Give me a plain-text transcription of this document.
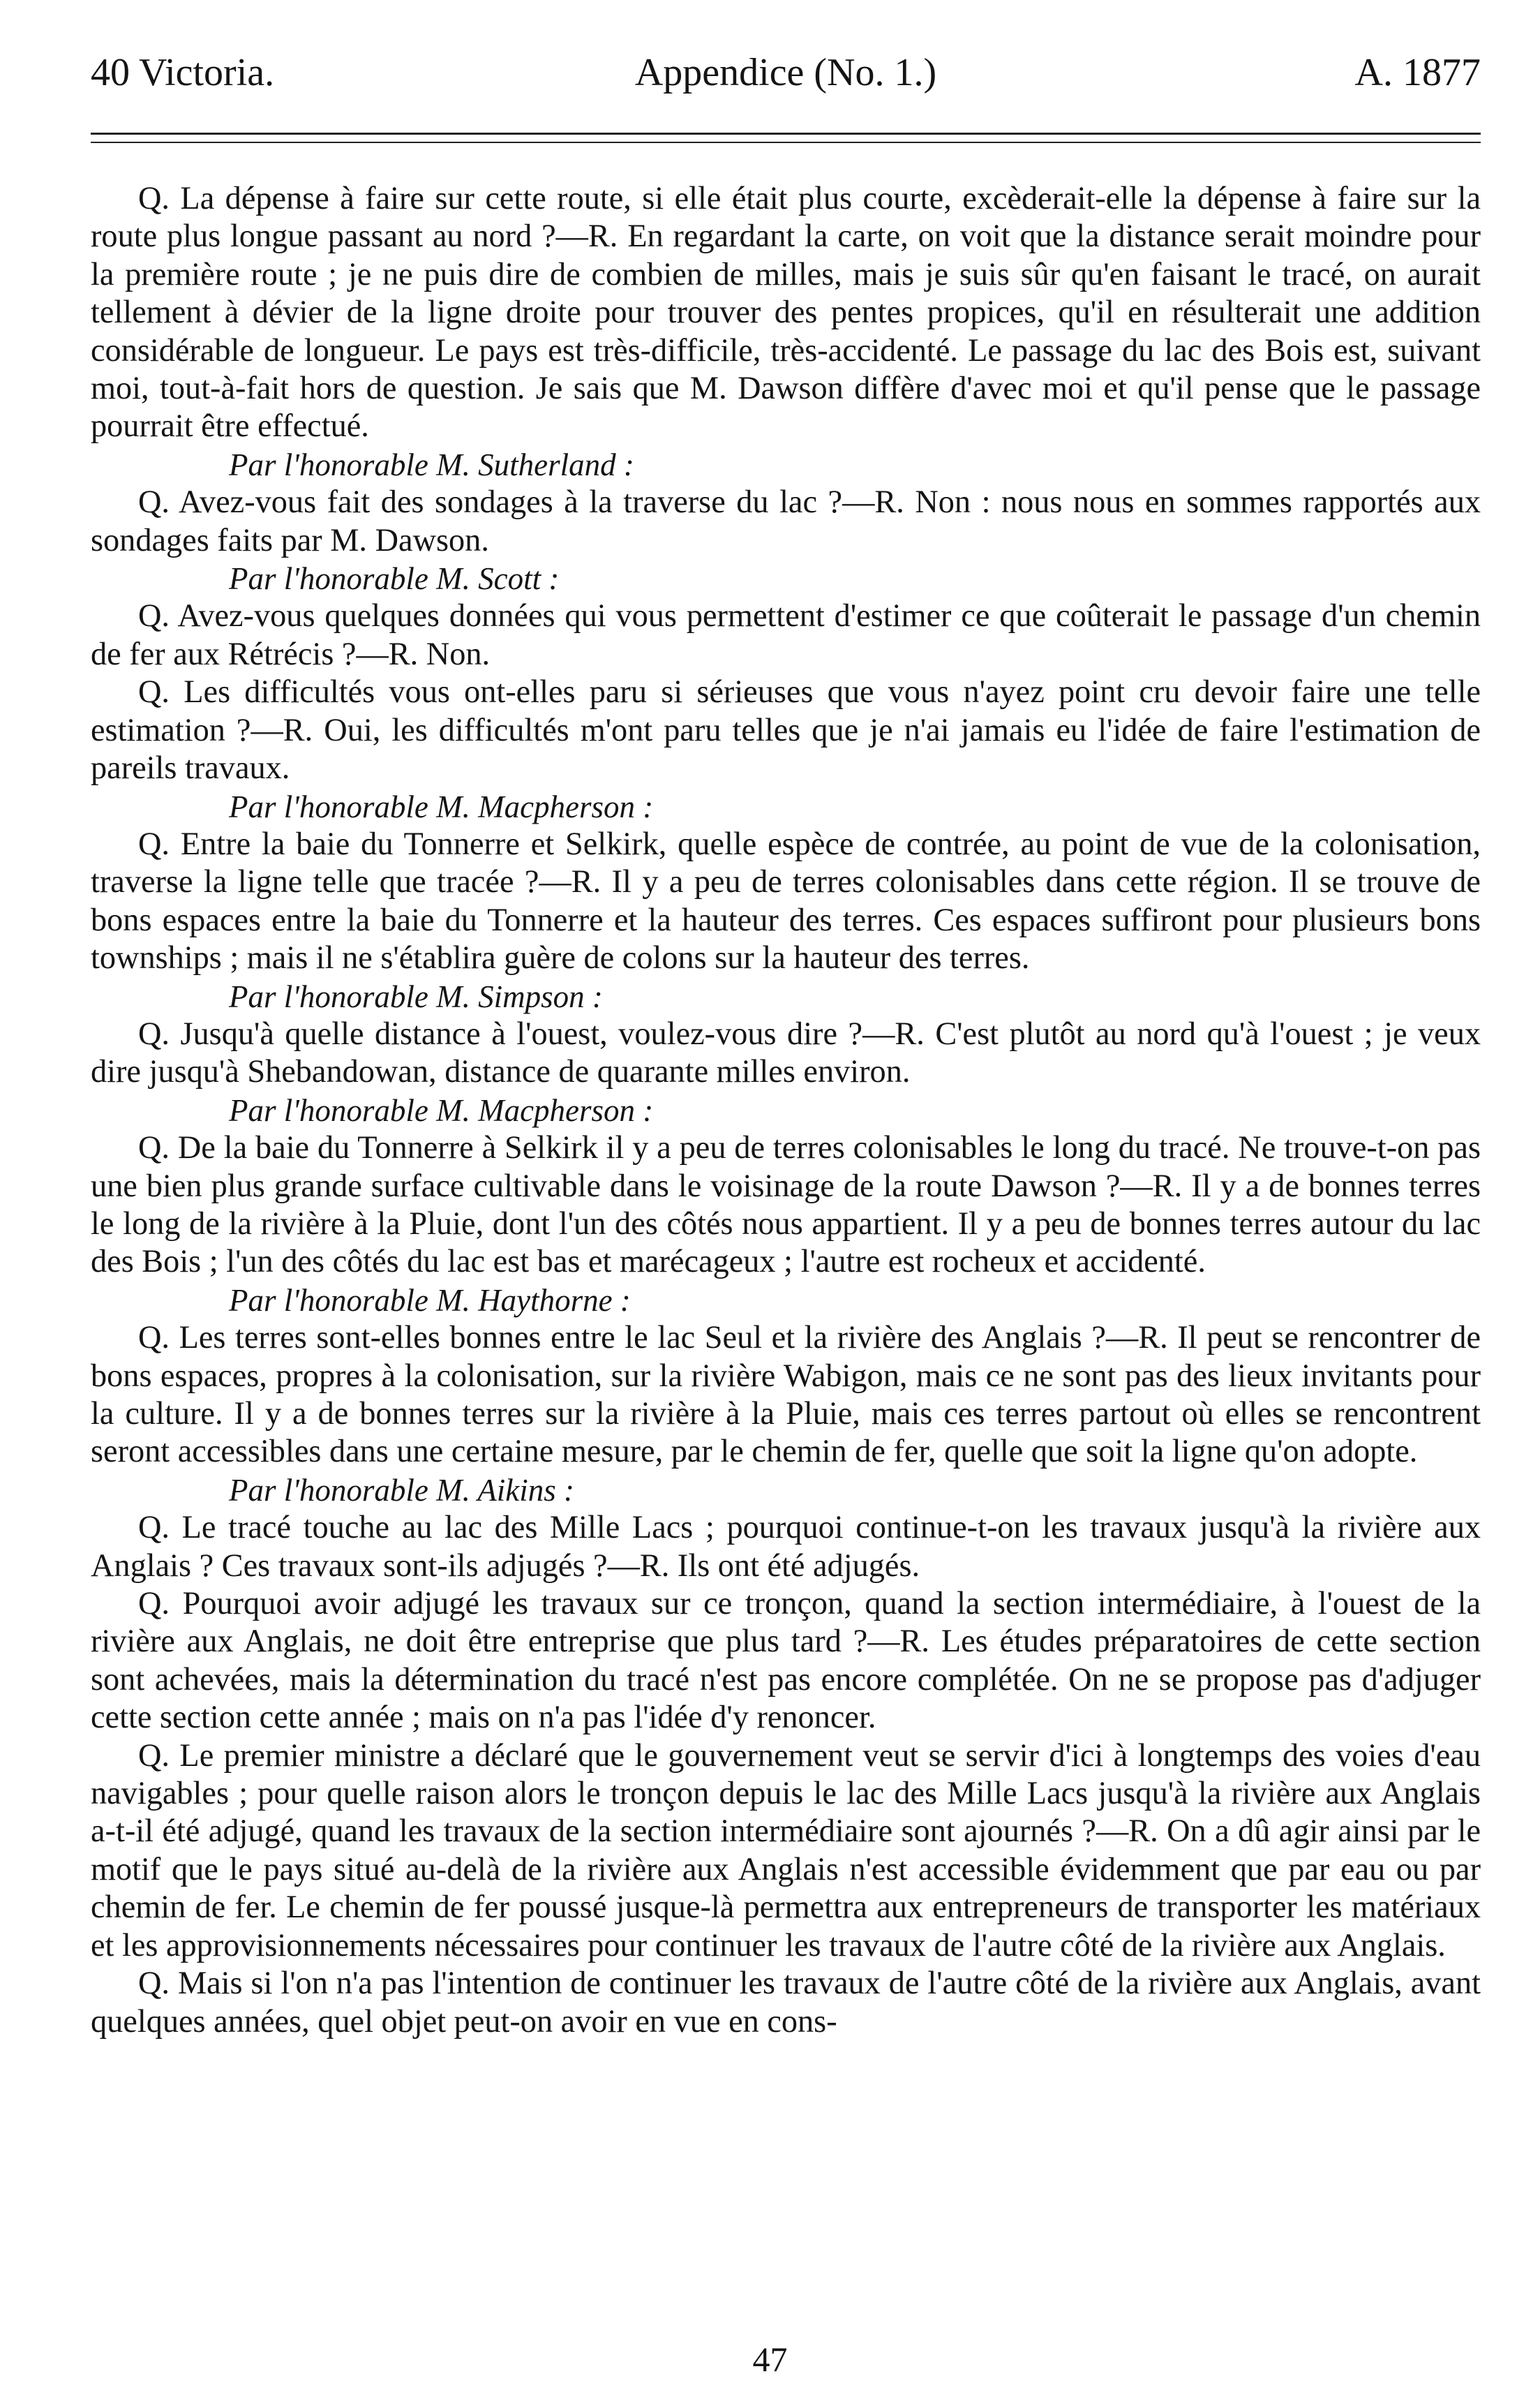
40 Victoria.	Appendice (No. 1.)	A. 1877

Q. La dépense à faire sur cette route, si elle était plus courte, excèderait-elle la dépense à faire sur la route plus longue passant au nord ?—R. En regardant la carte, on voit que la distance serait moindre pour la première route ; je ne puis dire de combien de milles, mais je suis sûr qu'en faisant le tracé, on aurait tellement à dévier de la ligne droite pour trouver des pentes propices, qu'il en résulterait une addition considérable de longueur. Le pays est très-difficile, très-accidenté. Le passage du lac des Bois est, suivant moi, tout-à-fait hors de question. Je sais que M. Dawson diffère d'avec moi et qu'il pense que le passage pourrait être effectué.

Par l'honorable M. Sutherland :

Q. Avez-vous fait des sondages à la traverse du lac ?—R. Non : nous nous en sommes rapportés aux sondages faits par M. Dawson.

Par l'honorable M. Scott :

Q. Avez-vous quelques données qui vous permettent d'estimer ce que coûterait le passage d'un chemin de fer aux Rétrécis ?—R. Non.

Q. Les difficultés vous ont-elles paru si sérieuses que vous n'ayez point cru devoir faire une telle estimation ?—R. Oui, les difficultés m'ont paru telles que je n'ai jamais eu l'idée de faire l'estimation de pareils travaux.

Par l'honorable M. Macpherson :

Q. Entre la baie du Tonnerre et Selkirk, quelle espèce de contrée, au point de vue de la colonisation, traverse la ligne telle que tracée ?—R. Il y a peu de terres colonisables dans cette région. Il se trouve de bons espaces entre la baie du Tonnerre et la hauteur des terres. Ces espaces suffiront pour plusieurs bons townships ; mais il ne s'établira guère de colons sur la hauteur des terres.

Par l'honorable M. Simpson :

Q. Jusqu'à quelle distance à l'ouest, voulez-vous dire ?—R. C'est plutôt au nord qu'à l'ouest ; je veux dire jusqu'à Shebandowan, distance de quarante milles environ.

Par l'honorable M. Macpherson :

Q. De la baie du Tonnerre à Selkirk il y a peu de terres colonisables le long du tracé. Ne trouve-t-on pas une bien plus grande surface cultivable dans le voisinage de la route Dawson ?—R. Il y a de bonnes terres le long de la rivière à la Pluie, dont l'un des côtés nous appartient. Il y a peu de bonnes terres autour du lac des Bois ; l'un des côtés du lac est bas et marécageux ; l'autre est rocheux et accidenté.

Par l'honorable M. Haythorne :

Q. Les terres sont-elles bonnes entre le lac Seul et la rivière des Anglais ?—R. Il peut se rencontrer de bons espaces, propres à la colonisation, sur la rivière Wabigon, mais ce ne sont pas des lieux invitants pour la culture. Il y a de bonnes terres sur la rivière à la Pluie, mais ces terres partout où elles se rencontrent seront accessibles dans une certaine mesure, par le chemin de fer, quelle que soit la ligne qu'on adopte.

Par l'honorable M. Aikins :

Q. Le tracé touche au lac des Mille Lacs ; pourquoi continue-t-on les travaux jusqu'à la rivière aux Anglais ? Ces travaux sont-ils adjugés ?—R. Ils ont été adjugés.

Q. Pourquoi avoir adjugé les travaux sur ce tronçon, quand la section intermédiaire, à l'ouest de la rivière aux Anglais, ne doit être entreprise que plus tard ?—R. Les études préparatoires de cette section sont achevées, mais la détermination du tracé n'est pas encore complétée. On ne se propose pas d'adjuger cette section cette année ; mais on n'a pas l'idée d'y renoncer.

Q. Le premier ministre a déclaré que le gouvernement veut se servir d'ici à longtemps des voies d'eau navigables ; pour quelle raison alors le tronçon depuis le lac des Mille Lacs jusqu'à la rivière aux Anglais a-t-il été adjugé, quand les travaux de la section intermédiaire sont ajournés ?—R. On a dû agir ainsi par le motif que le pays situé au-delà de la rivière aux Anglais n'est accessible évidemment que par eau ou par chemin de fer. Le chemin de fer poussé jusque-là permettra aux entrepreneurs de transporter les matériaux et les approvisionnements nécessaires pour continuer les travaux de l'autre côté de la rivière aux Anglais.

Q. Mais si l'on n'a pas l'intention de continuer les travaux de l'autre côté de la rivière aux Anglais, avant quelques années, quel objet peut-on avoir en vue en cons-

47
